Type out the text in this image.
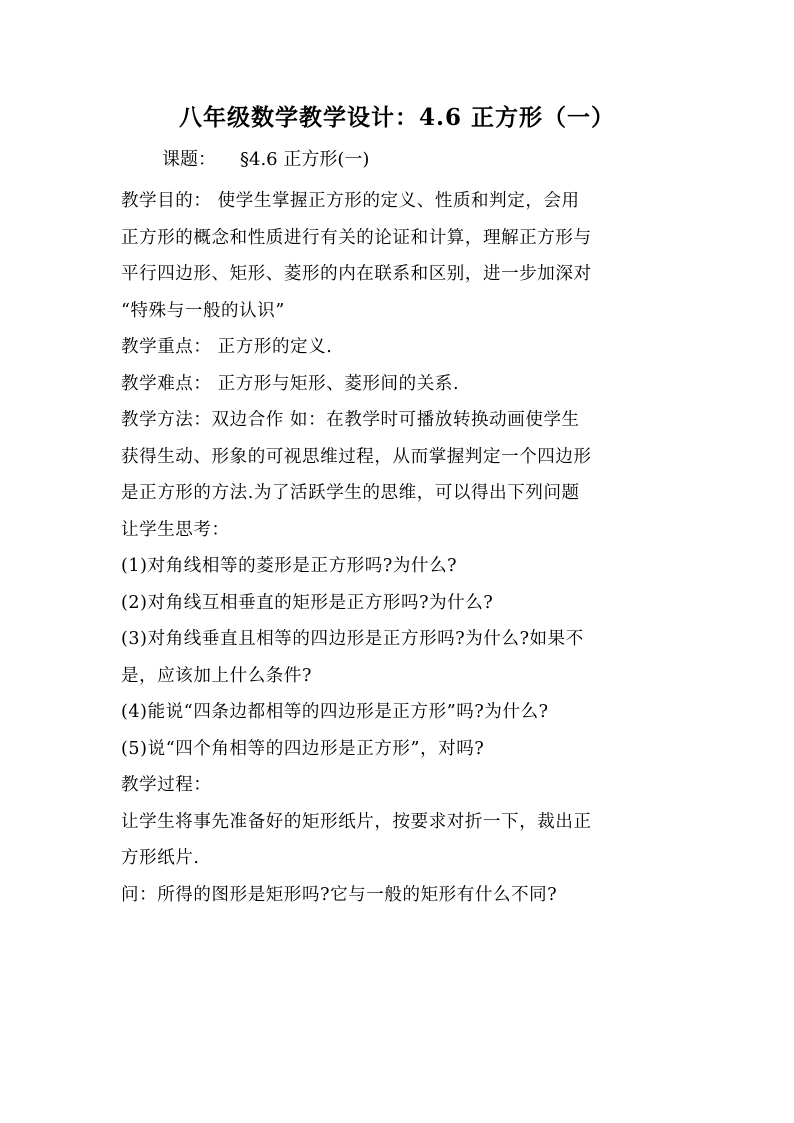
八年级数学教学设计：4.6 正方形（一）
课题： §4.6 正方形(一)
教学目的： 使学生掌握正方形的定义、性质和判定，会用
正方形的概念和性质进行有关的论证和计算，理解正方形与
平行四边形、矩形、菱形的内在联系和区别，进一步加深对
“特殊与一般的认识”
教学重点： 正方形的定义.
教学难点： 正方形与矩形、菱形间的关系.
教学方法：双边合作 如：在教学时可播放转换动画使学生
获得生动、形象的可视思维过程，从而掌握判定一个四边形
是正方形的方法.为了活跃学生的思维，可以得出下列问题
让学生思考：
(1)对角线相等的菱形是正方形吗?为什么?
(2)对角线互相垂直的矩形是正方形吗?为什么?
(3)对角线垂直且相等的四边形是正方形吗?为什么?如果不
是，应该加上什么条件?
(4)能说“四条边都相等的四边形是正方形”吗?为什么?
(5)说“四个角相等的四边形是正方形”，对吗?
教学过程：
让学生将事先准备好的矩形纸片，按要求对折一下，裁出正
方形纸片.
问：所得的图形是矩形吗?它与一般的矩形有什么不同?
